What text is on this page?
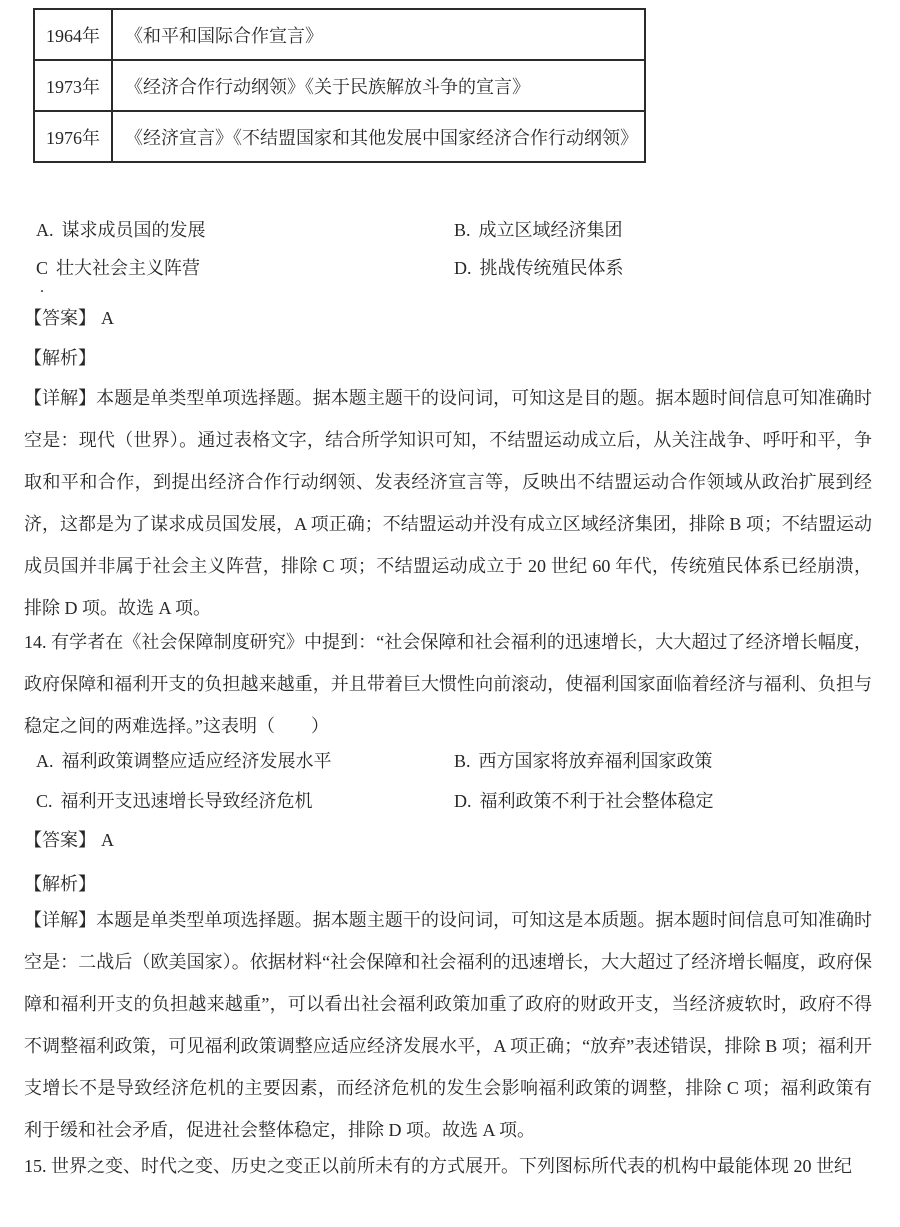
1964年	《和平和国际合作宣言》
1973年	《经济合作行动纲领》《关于民族解放斗争的宣言》
1976年	《经济宣言》《不结盟国家和其他发展中国家经济合作行动纲领》
A. 谋求成员国的发展	B. 成立区域经济集团
C 壮大社会主义阵营	D. 挑战传统殖民体系
.

【答案】 A

【解析】

【详解】本题是单类型单项选择题。据本题主题干的设问词，可知这是目的题。据本题时间信息可知准确时空是：现代（世界）。通过表格文字，结合所学知识可知，不结盟运动成立后，从关注战争、呼吁和平，争取和平和合作，到提出经济合作行动纲领、发表经济宣言等，反映出不结盟运动合作领域从政治扩展到经济，这都是为了谋求成员国发展，A 项正确；不结盟运动并没有成立区域经济集团，排除 B 项；不结盟运动成员国并非属于社会主义阵营，排除 C 项；不结盟运动成立于 20 世纪 60 年代，传统殖民体系已经崩溃，排除 D 项。故选 A 项。

14. 有学者在《社会保障制度研究》中提到：“社会保障和社会福利的迅速增长，大大超过了经济增长幅度，政府保障和福利开支的负担越来越重，并且带着巨大惯性向前滚动，使福利国家面临着经济与福利、负担与稳定之间的两难选择。”这表明（　　）

A. 福利政策调整应适应经济发展水平	B. 西方国家将放弃福利国家政策
C. 福利开支迅速增长导致经济危机	D. 福利政策不利于社会整体稳定

【答案】 A

【解析】

【详解】本题是单类型单项选择题。据本题主题干的设问词，可知这是本质题。据本题时间信息可知准确时空是：二战后（欧美国家）。依据材料“社会保障和社会福利的迅速增长，大大超过了经济增长幅度，政府保障和福利开支的负担越来越重”，可以看出社会福利政策加重了政府的财政开支，当经济疲软时，政府不得不调整福利政策，可见福利政策调整应适应经济发展水平，A 项正确；“放弃”表述错误，排除 B 项；福利开支增长不是导致经济危机的主要因素，而经济危机的发生会影响福利政策的调整，排除 C 项；福利政策有利于缓和社会矛盾，促进社会整体稳定，排除 D 项。故选 A 项。

15. 世界之变、时代之变、历史之变正以前所未有的方式展开。下列图标所代表的机构中最能体现 20 世纪
